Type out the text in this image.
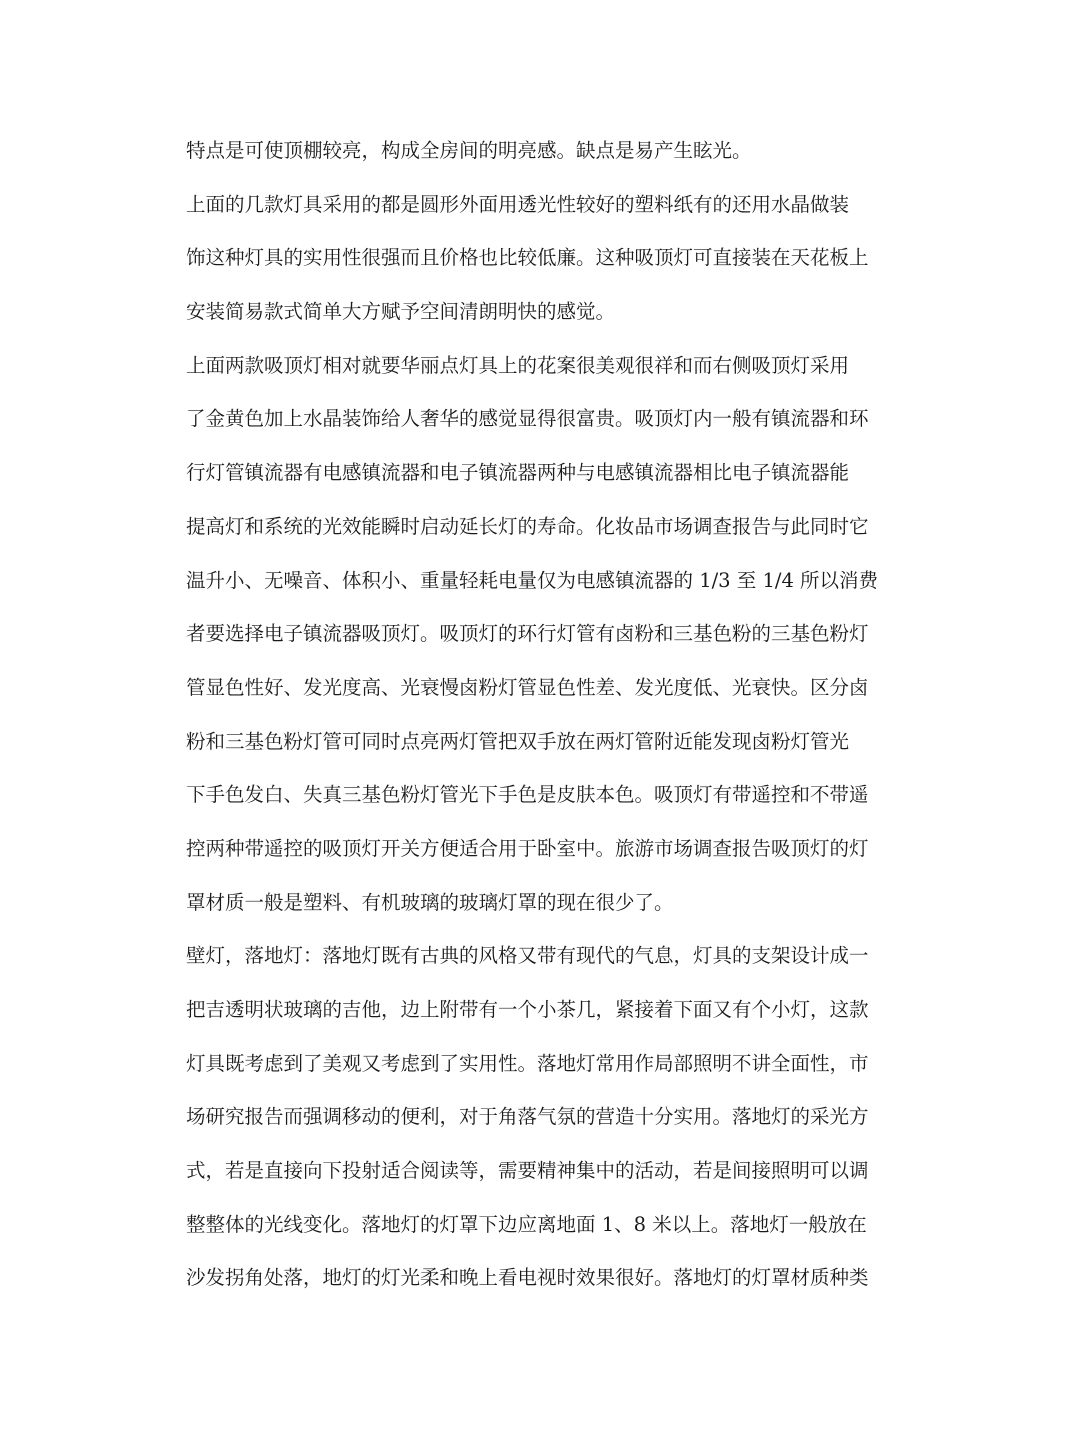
特点是可使顶棚较亮，构成全房间的明亮感。缺点是易产生眩光。
上面的几款灯具采用的都是圆形外面用透光性较好的塑料纸有的还用水晶做装
饰这种灯具的实用性很强而且价格也比较低廉。这种吸顶灯可直接装在天花板上
安装简易款式简单大方赋予空间清朗明快的感觉。
上面两款吸顶灯相对就要华丽点灯具上的花案很美观很祥和而右侧吸顶灯采用
了金黄色加上水晶装饰给人奢华的感觉显得很富贵。吸顶灯内一般有镇流器和环
行灯管镇流器有电感镇流器和电子镇流器两种与电感镇流器相比电子镇流器能
提高灯和系统的光效能瞬时启动延长灯的寿命。化妆品市场调查报告与此同时它
温升小、无噪音、体积小、重量轻耗电量仅为电感镇流器的 1/3 至 1/4 所以消费
者要选择电子镇流器吸顶灯。吸顶灯的环行灯管有卤粉和三基色粉的三基色粉灯
管显色性好、发光度高、光衰慢卤粉灯管显色性差、发光度低、光衰快。区分卤
粉和三基色粉灯管可同时点亮两灯管把双手放在两灯管附近能发现卤粉灯管光
下手色发白、失真三基色粉灯管光下手色是皮肤本色。吸顶灯有带遥控和不带遥
控两种带遥控的吸顶灯开关方便适合用于卧室中。旅游市场调查报告吸顶灯的灯
罩材质一般是塑料、有机玻璃的玻璃灯罩的现在很少了。
壁灯，落地灯：落地灯既有古典的风格又带有现代的气息，灯具的支架设计成一
把吉透明状玻璃的吉他，边上附带有一个小茶几，紧接着下面又有个小灯，这款
灯具既考虑到了美观又考虑到了实用性。落地灯常用作局部照明不讲全面性，市
场研究报告而强调移动的便利，对于角落气氛的营造十分实用。落地灯的采光方
式，若是直接向下投射适合阅读等，需要精神集中的活动，若是间接照明可以调
整整体的光线变化。落地灯的灯罩下边应离地面 1、8 米以上。落地灯一般放在
沙发拐角处落，地灯的灯光柔和晚上看电视时效果很好。落地灯的灯罩材质种类
